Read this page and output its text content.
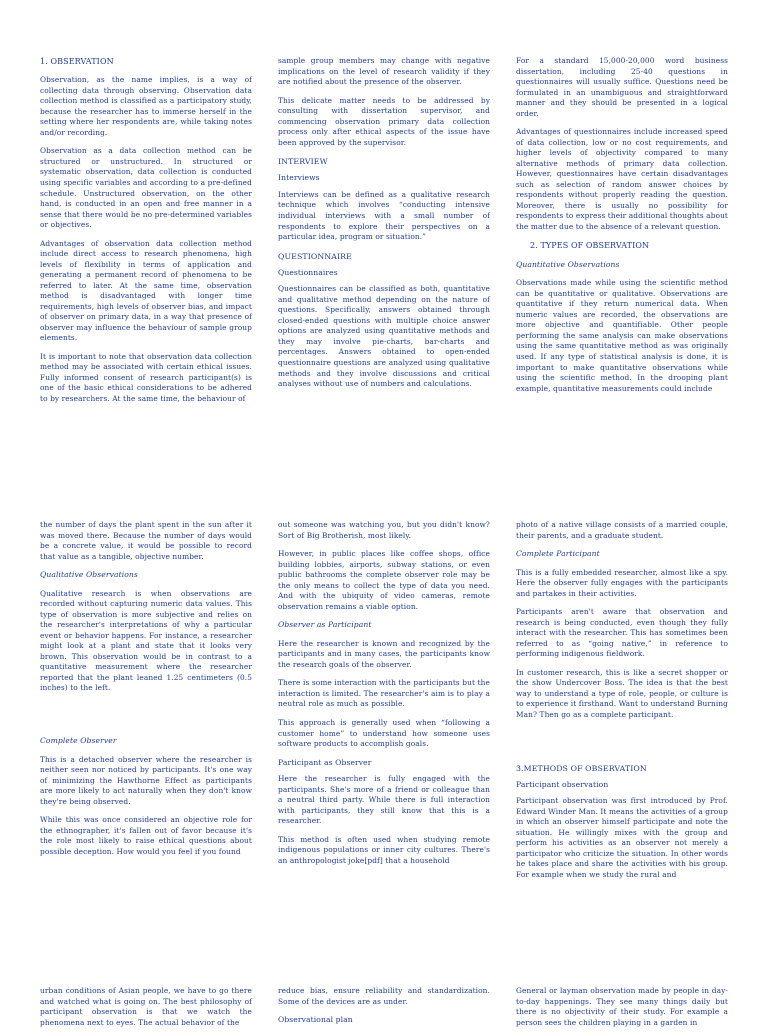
1. OBSERVATION

Observation, as the name implies, is a way of collecting data through observing. Observation data collection method is classified as a participatory study, because the researcher has to immerse herself in the setting where her respondents are, while taking notes and/or recording.

Observation as a data collection method can be structured or unstructured. In structured or systematic observation, data collection is conducted using specific variables and according to a pre-defined schedule. Unstructured observation, on the other hand, is conducted in an open and free manner in a sense that there would be no pre-determined variables or objectives.

Advantages of observation data collection method include direct access to research phenomena, high levels of flexibility in terms of application and generating a permanent record of phenomena to be referred to later. At the same time, observation method is disadvantaged with longer time requirements, high levels of observer bias, and impact of observer on primary data, in a way that presence of observer may influence the behaviour of sample group elements.

It is important to note that observation data collection method may be associated with certain ethical issues. Fully informed consent of research participant(s) is one of the basic ethical considerations to be adhered to by researchers. At the same time, the behaviour of

sample group members may change with negative implications on the level of research validity if they are notified about the presence of the observer.

This delicate matter needs to be addressed by consulting with dissertation supervisor, and commencing observation primary data collection process only after ethical aspects of the issue have been approved by the supervisor.

INTERVIEW

Interviews

Interviews can be defined as a qualitative research technique which involves “conducting intensive individual interviews with a small number of respondents to explore their perspectives on a particular idea, program or situation.”

QUESTIONNAIRE

Questionnaires

Questionnaires can be classified as both, quantitative and qualitative method depending on the nature of questions. Specifically, answers obtained through closed-ended questions with multiple choice answer options are analyzed using quantitative methods and they may involve pie-charts, bar-charts and percentages. Answers obtained to open-ended questionnaire questions are analyzed using qualitative methods and they involve discussions and critical analyses without use of numbers and calculations.

For a standard 15,000-20,000 word business dissertation, including 25-40 questions in questionnaires will usually suffice. Questions need be formulated in an unambiguous and straightforward manner and they should be presented in a logical order.

Advantages of questionnaires include increased speed of data collection, low or no cost requirements, and higher levels of objectivity compared to many alternative methods of primary data collection. However, questionnaires have certain disadvantages such as selection of random answer choices by respondents without properly reading the question. Moreover, there is usually no possibility for respondents to express their additional thoughts about the matter due to the absence of a relevant question.

2. TYPES OF OBSERVATION

Quantitative Observations

Observations made while using the scientific method can be quantitative or qualitative. Observations are quantitative if they return numerical data. When numeric values are recorded, the observations are more objective and quantifiable. Other people performing the same analysis can make observations using the same quantitative method as was originally used. If any type of statistical analysis is done, it is important to make quantitative observations while using the scientific method. In the drooping plant example, quantitative measurements could include

the number of days the plant spent in the sun after it was moved there. Because the number of days would be a concrete value, it would be possible to record that value as a tangible, objective number.

Qualitative Observations

Qualitative research is when observations are recorded without capturing numeric data values. This type of observation is more subjective and relies on the researcher's interpretations of why a particular event or behavior happens. For instance, a researcher might look at a plant and state that it looks very brown. This observation would be in contrast to a quantitative measurement where the researcher reported that the plant leaned 1.25 centimeters (0.5 inches) to the left.

Complete Observer

This is a detached observer where the researcher is neither seen nor noticed by participants. It's one way of minimizing the Hawthorne Effect as participants are more likely to act naturally when they don't know they're being observed.

While this was once considered an objective role for the ethnographer, it's fallen out of favor because it's the role most likely to raise ethical questions about possible deception. How would you feel if you found

out someone was watching you, but you didn't know? Sort of Big Brotherish, most likely.

However, in public places like coffee shops, office building lobbies, airports, subway stations, or even public bathrooms the complete observer role may be the only means to collect the type of data you need. And with the ubiquity of video cameras, remote observation remains a viable option.

Observer as Participant

Here the researcher is known and recognized by the participants and in many cases, the participants know the research goals of the observer.

There is some interaction with the participants but the interaction is limited. The researcher's aim is to play a neutral role as much as possible.

This approach is generally used when “following a customer home” to understand how someone uses software products to accomplish goals.

Participant as Observer

Here the researcher is fully engaged with the participants. She's more of a friend or colleague than a neutral third party. While there is full interaction with participants, they still know that this is a researcher.

This method is often used when studying remote indigenous populations or inner city cultures. There's an anthropologist joke[pdf] that a household

photo of a native village consists of a married couple, their parents, and a graduate student.

Complete Participant

This is a fully embedded researcher, almost like a spy. Here the observer fully engages with the participants and partakes in their activities.

Participants aren't aware that observation and research is being conducted, even though they fully interact with the researcher. This has sometimes been referred to as “going native,” in reference to performing indigenous fieldwork.

In customer research, this is like a secret shopper or the show Undercover Boss. The idea is that the best way to understand a type of role, people, or culture is to experience it firsthand. Want to understand Burning Man? Then go as a complete participant.

3.METHODS OF OBSERVATION

Participant observation

Participant observation was first introduced by Prof. Edward Winder Man. It means the activities of a group in which an observer himself participate and note the situation. He willingly mixes with the group and perform his activities as an observer not merely a participator who criticize the situation. In other words he takes place and share the activities with his group. For example when we study the rural and

urban conditions of Asian people, we have to go there and watched what is going on. The best philosophy of participant observation is that we watch the phenomena next to eyes. The actual behavior of the

reduce bias, ensure reliability and standardization. Some of the devices are as under.

Observational plan

General or layman observation made by people in day-to-day happenings. They see many things daily but there is no objectivity of their study. For example a person sees the children playing in a garden in
